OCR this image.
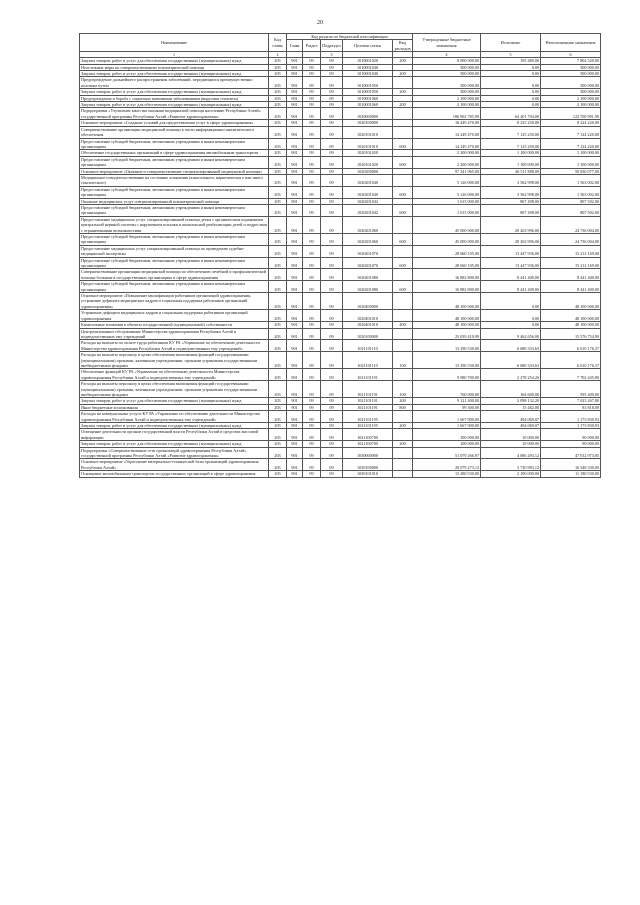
20
Наименование	Код главы	Код раздела по бюджетной классификации					Утвержденные бюджетные назначения	Исполнено	Неисполненные назначения
		Глава	Раздел	Подраздел	Целевая статья	Вид расходов			
1	2			3			4	5	6
Закупка товаров, работ и услуг для обеспечения государственных (муниципальных) нужд	203	901	09	09	1010001020	200	8 000 000,00	195 480,00	7 804 520,00
Неотложные меры по совершенствованию психиатрической помощи	203	901	09	09	1010001040		500 000,00	0,00	500 000,00
Закупка товаров, работ и услуг для обеспечения государственных (муниципальных) нужд	203	901	09	09	1010001040	200	500 000,00	0,00	500 000,00
Предупреждение дальнейшего распространения заболеваний, передающихся преимущественно половым путем	203	901	09	09	1010001050		500 000,00	0,00	500 000,00
Закупка товаров, работ и услуг для обеспечения государственных (муниципальных) нужд	203	901	09	09	1010001050	200	500 000,00	0,00	500 000,00
Предупреждение и борьба с социально значимыми заболеваниями (вирусные гепатиты)	203	901	09	09	1010001060		2 100 000,00	0,00	2 100 000,00
Закупка товаров, работ и услуг для обеспечения государственных (муниципальных) нужд	203	901	09	09	1010001060	200	2 100 000,00	0,00	2 100 000,00
Подпрограмма «Улучшение качества оказания медицинской помощи населению Республики Алтай» государственной программы Республики Алтай «Развитие здравоохранения»	203	901	09	09	1020000000		186 902 785,99	64 201 794,00	122 700 991,99
Основное мероприятие «Создание условий для предоставления услуг в сфере здравоохранения»	203	901	09	09	1020100000		16 449 470,00	8 225 250,00	8 224 220,00
Совершенствование организации медицинской помощи в части информационно-аналитического обеспечения	203	901	09	09	1020101010		14 249 470,00	7 125 250,00	7 124 220,00
Предоставление субсидий бюджетным, автономным учреждениям и иным некоммерческим организациям	203	901	09	09	1020101010	600	14 249 470,00	7 125 250,00	7 124 220,00
Обеспечение государственных организаций в сфере здравоохранения автомобильным транспортом	203	901	09	09	1020101020		2 200 000,00	1 100 000,00	1 100 000,00
Предоставление субсидий бюджетным, автономным учреждениям и иным некоммерческим организациям	203	901	09	09	1020101020	600	2 200 000,00	1 100 000,00	1 100 000,00
Основное мероприятие «Оказание и совершенствование специализированной медицинской помощи»	203	901	09	09	1020200000		97 341 965,00	46 511 888,00	50 830 077,00
Медицинское освидетельствование на состояние опьянения (алкогольного, наркотического или иного токсического)	203	901	09	09	1020201040		5 126 000,00	3 562 998,00	1 563 002,00
Предоставление субсидий бюджетным, автономным учреждениям и иным некоммерческим организациям	203	901	09	09	1020201040	600	5 126 000,00	3 562 998,00	1 563 002,00
Оказание медицинских услуг специализированной психиатрической помощи	203	901	09	09	1020201042		1 615 000,00	807 498,00	807 502,00
Предоставление субсидий бюджетным, автономным учреждениям и иным некоммерческим организациям	203	901	09	09	1020201042	600	1 615 000,00	807 498,00	807 502,00
Предоставление медицинских услуг специализированной помощи детям с органическим поражением центральной нервной системы с нарушением психики и комплексной реабилитации детей и подростков с ограниченными возможностями	203	901	09	09	1020201060		45 000 000,00	20 263 996,00	24 736 004,00
Предоставление субсидий бюджетным, автономным учреждениям и иным некоммерческим организациям	203	901	09	09	1020201060	600	45 000 000,00	20 263 996,00	24 736 004,00
Предоставление медицинских услуг специализированной помощи по проведению судебно-медицинской экспертизы	203	901	09	09	1020201070		28 660 105,00	13 447 936,00	15 212 169,00
Предоставление субсидий бюджетным, автономным учреждениям и иным некоммерческим организациям	203	901	09	09	1020201070	600	28 660 105,00	13 447 936,00	15 212 169,00
Совершенствование организации медицинской помощи по обеспечению лечебной и профилактической помощи больным в государственных организациях в сфере здравоохранения	203	901	09	09	1020201080		16 882 800,00	8 441 400,00	8 441 400,00
Предоставление субсидий бюджетным, автономным учреждениям и иным некоммерческим организациям	203	901	09	09	1020201080	600	16 882 800,00	8 441 400,00	8 441 400,00
Основное мероприятие «Повышение квалификации работников организаций здравоохранения, устранение дефицита медицинских кадров и социальная поддержка работников организаций здравоохранения»	203	901	09	09	1020400000		48 100 000,00	0,00	48 100 000,00
Устранение дефицита медицинских кадров и социальная поддержка работников организаций здравоохранения	203	901	09	09	1020401010		48 100 000,00	0,00	48 100 000,00
Капитальные вложения в объекты государственной (муниципальной) собственности	203	901	09	09	1020401010	400	48 100 000,00	0,00	48 100 000,00
Централизованное обслуживание Министерства здравоохранения Республики Алтай и подведомственных ему учреждений	203	901	09	09	1020100000		25 039 410,99	9 462 656,00	15 576 754,99
Расходы на выплаты по оплате труда работников КУ РА «Управление по обеспечению деятельности Министерства здравоохранения Республики Алтай и подведомственных ему учреждений»	203	901	09	09	1021101110		13 290 530,00	6 680 333,63	6 610 176,37
Расходы на выплаты персоналу в целях обеспечения выполнения функций государственными (муниципальными) органами, казенными учреждениями, органами управления государственными внебюджетными фондами	203	901	09	09	1021101110	100	13 290 530,00	6 680 333,63	6 610 176,37
Обеспечение функций КУ РА «Управление по обеспечению деятельности Министерства здравоохранения Республики Алтай и подведомственных ему учреждений»	203	901	09	09	1021101191		9 980 700,00	2 278 254,20	7 702 445,80
Расходы на выплаты персоналу в целях обеспечения выполнения функций государственными (муниципальными) органами, казенными учреждениями, органами управления государственными внебюджетными фондами	203	901	09	09	1021101191	100	760 000,00	164 600,00	595 400,00
Закупка товаров, работ и услуг для обеспечения государственных (муниципальных) нужд	203	901	09	09	1021101191	200	9 121 400,00	2 098 132,20	7 023 267,80
Иные бюджетные ассигнования	203	901	09	09	1021101191	800	99 300,00	15 482,00	83 818,00
Расходы на коммунальные услуги КУ РА «Управление по обеспечению деятельности Министерства здравоохранения Республики Алтай и подведомственных ему учреждений»	203	901	09	09	1021101195		1 667 900,00	494 069,07	1 173 830,93
Закупка товаров, работ и услуг для обеспечения государственных (муниципальных) нужд	203	901	09	09	1021101195	200	1 667 900,00	494 069,07	1 173 830,93
Освещение деятельности органов государственной власти Республики Алтай в средствах массовой информации	203	901	09	09	1021100700		100 000,00	10 000,00	90 000,00
Закупка товаров, работ и услуг для обеспечения государственных (муниципальных) нужд	203	901	09	09	1021100700	200	100 000,00	10 000,00	90 000,00
Подпрограмма «Совершенствование сети организаций здравоохранения Республики Алтай» государственной программы Республики Алтай «Развитие здравоохранения»	203	901	09	09	1030000000		51 079 266,97	4 086 293,12	47 012 973,85
Основное мероприятие «Укрепление материально-технической базы организаций здравоохранения Республики Алтай»	203	901	09	09	1030100000		20 079 273,12	3 730 983,12	16 348 330,00
Оснащение автомобильным транспортом государственных организаций в сфере здравоохранения	203	901	09	09	1030101010		13 280 530,00	2 100 000,00	11 180 530,00
